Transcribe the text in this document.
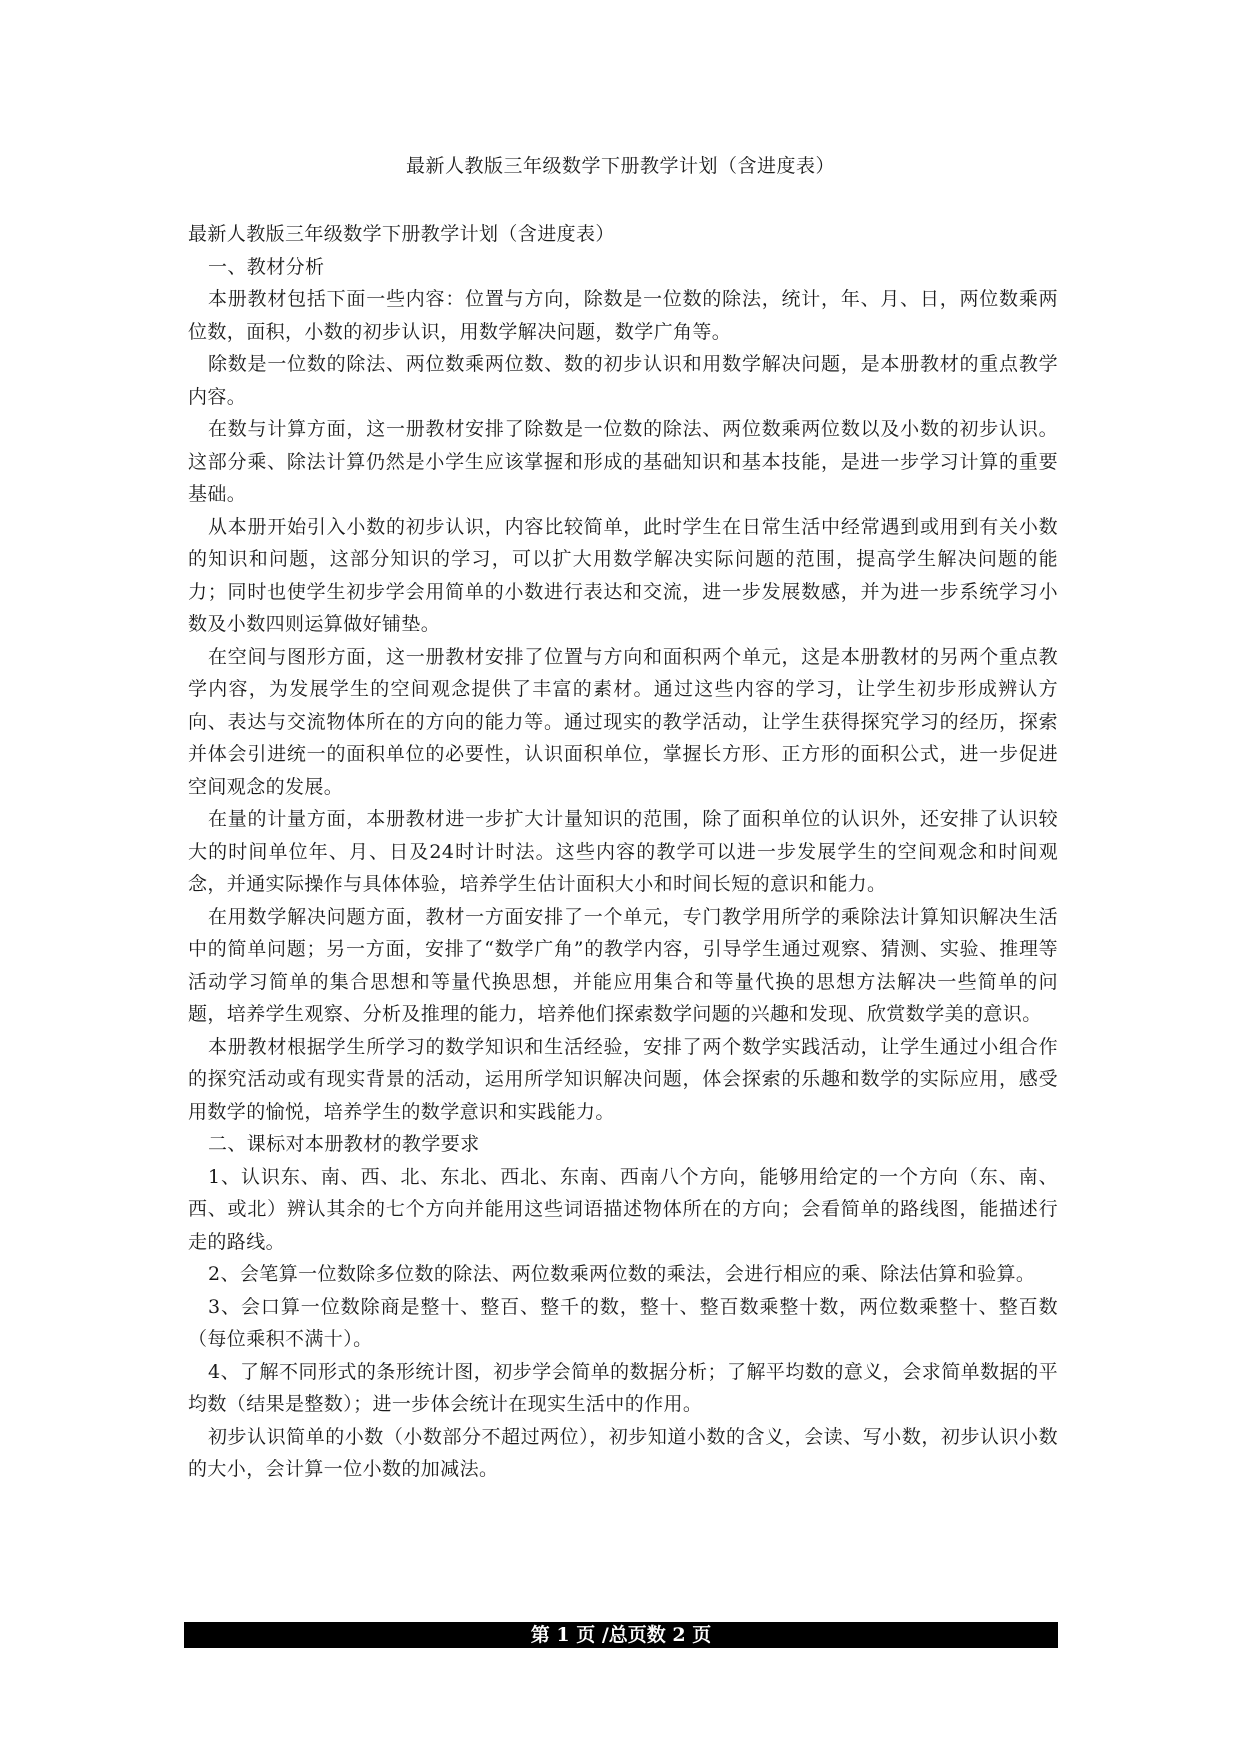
最新人教版三年级数学下册教学计划（含进度表）

最新人教版三年级数学下册教学计划（含进度表）

一、教材分析

本册教材包括下面一些内容：位置与方向，除数是一位数的除法，统计，年、月、日，两位数乘两位数，面积，小数的初步认识，用数学解决问题，数学广角等。

除数是一位数的除法、两位数乘两位数、数的初步认识和用数学解决问题，是本册教材的重点教学内容。

在数与计算方面，这一册教材安排了除数是一位数的除法、两位数乘两位数以及小数的初步认识。这部分乘、除法计算仍然是小学生应该掌握和形成的基础知识和基本技能，是进一步学习计算的重要基础。

从本册开始引入小数的初步认识，内容比较简单，此时学生在日常生活中经常遇到或用到有关小数的知识和问题，这部分知识的学习，可以扩大用数学解决实际问题的范围，提高学生解决问题的能力；同时也使学生初步学会用简单的小数进行表达和交流，进一步发展数感，并为进一步系统学习小数及小数四则运算做好铺垫。

在空间与图形方面，这一册教材安排了位置与方向和面积两个单元，这是本册教材的另两个重点教学内容，为发展学生的空间观念提供了丰富的素材。通过这些内容的学习，让学生初步形成辨认方向、表达与交流物体所在的方向的能力等。通过现实的教学活动，让学生获得探究学习的经历，探索并体会引进统一的面积单位的必要性，认识面积单位，掌握长方形、正方形的面积公式，进一步促进空间观念的发展。

在量的计量方面，本册教材进一步扩大计量知识的范围，除了面积单位的认识外，还安排了认识较大的时间单位年、月、日及24时计时法。这些内容的教学可以进一步发展学生的空间观念和时间观念，并通实际操作与具体体验，培养学生估计面积大小和时间长短的意识和能力。

在用数学解决问题方面，教材一方面安排了一个单元，专门教学用所学的乘除法计算知识解决生活中的简单问题；另一方面，安排了“数学广角”的教学内容，引导学生通过观察、猜测、实验、推理等活动学习简单的集合思想和等量代换思想，并能应用集合和等量代换的思想方法解决一些简单的问题，培养学生观察、分析及推理的能力，培养他们探索数学问题的兴趣和发现、欣赏数学美的意识。

本册教材根据学生所学习的数学知识和生活经验，安排了两个数学实践活动，让学生通过小组合作的探究活动或有现实背景的活动，运用所学知识解决问题，体会探索的乐趣和数学的实际应用，感受用数学的愉悦，培养学生的数学意识和实践能力。

二、课标对本册教材的教学要求

1、认识东、南、西、北、东北、西北、东南、西南八个方向，能够用给定的一个方向（东、南、西、或北）辨认其余的七个方向并能用这些词语描述物体所在的方向；会看简单的路线图，能描述行走的路线。

2、会笔算一位数除多位数的除法、两位数乘两位数的乘法，会进行相应的乘、除法估算和验算。

3、会口算一位数除商是整十、整百、整千的数，整十、整百数乘整十数，两位数乘整十、整百数（每位乘积不满十）。

4、了解不同形式的条形统计图，初步学会简单的数据分析；了解平均数的意义，会求简单数据的平均数（结果是整数）；进一步体会统计在现实生活中的作用。

初步认识简单的小数（小数部分不超过两位），初步知道小数的含义，会读、写小数，初步认识小数的大小，会计算一位小数的加减法。

第 1 页 /总页数 2 页
